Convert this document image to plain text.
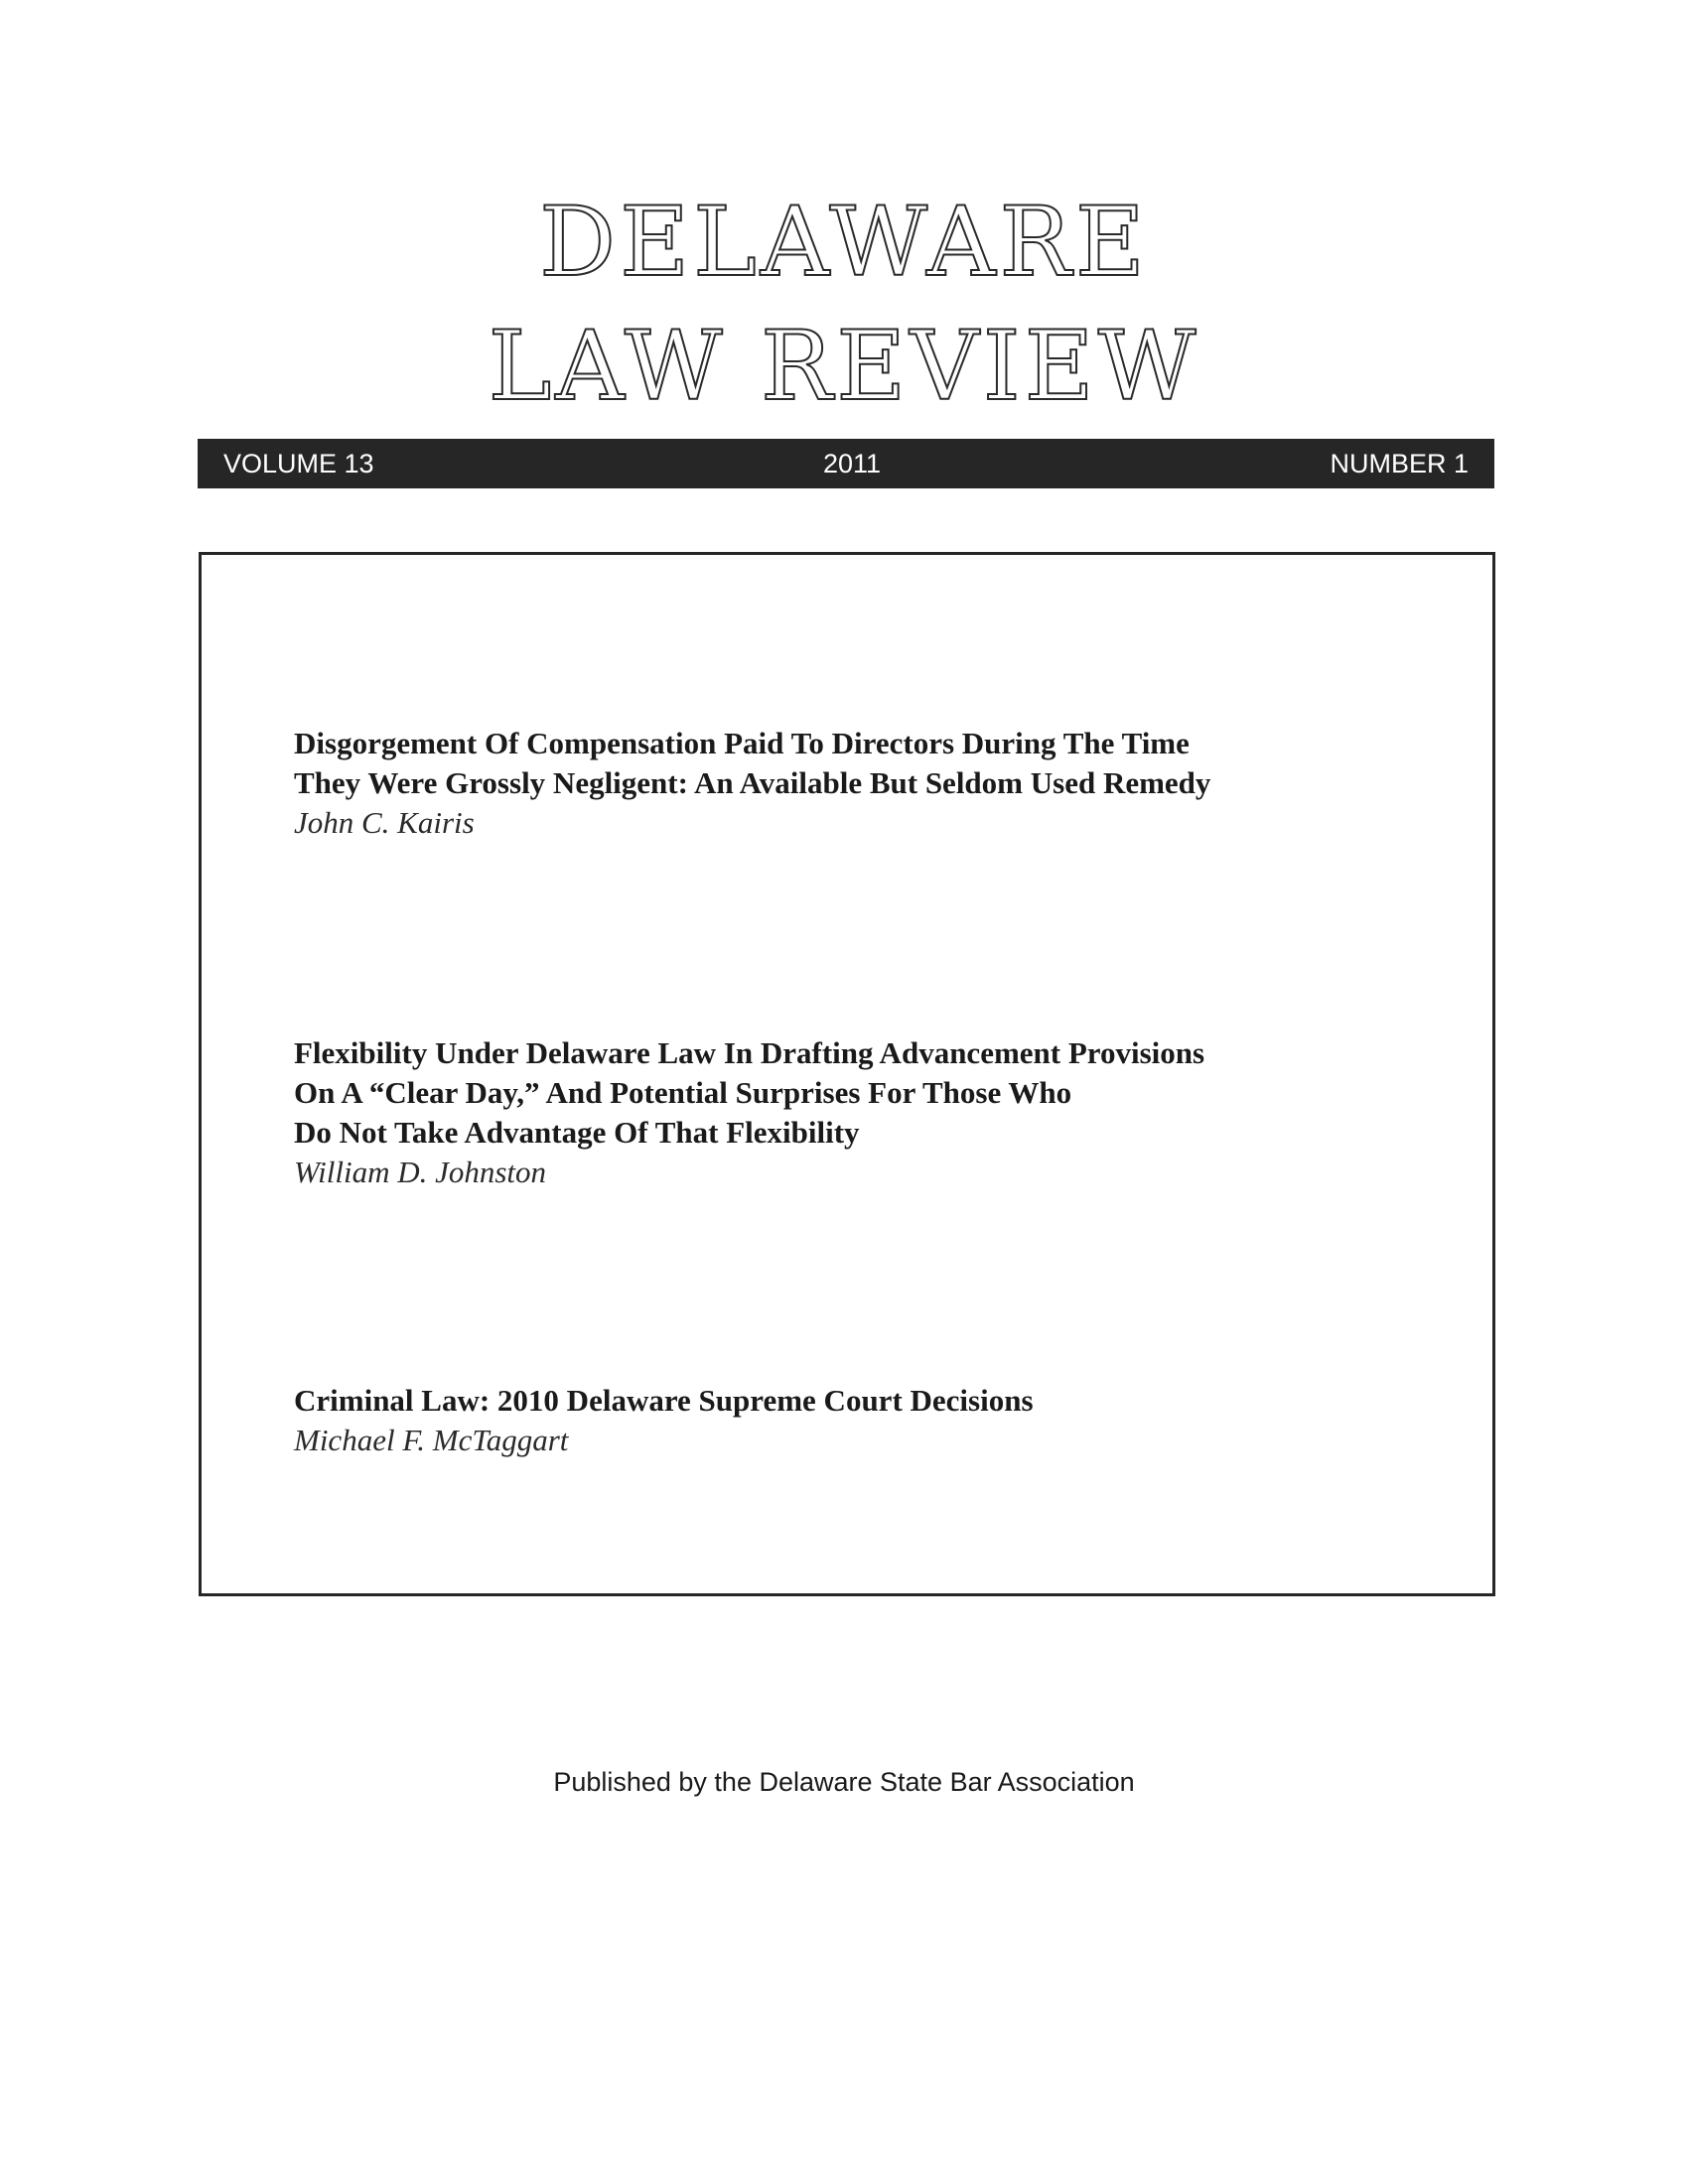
DELAWARE
LAW REVIEW
VOLUME 13	2011	NUMBER 1
Disgorgement Of Compensation Paid To Directors During The Time
They Were Grossly Negligent: An Available But Seldom Used Remedy
John C. Kairis
Flexibility Under Delaware Law In Drafting Advancement Provisions
On A “Clear Day,” And Potential Surprises For Those Who
Do Not Take Advantage Of That Flexibility
William D. Johnston
Criminal Law: 2010 Delaware Supreme Court Decisions
Michael F. McTaggart
Published by the Delaware State Bar Association
